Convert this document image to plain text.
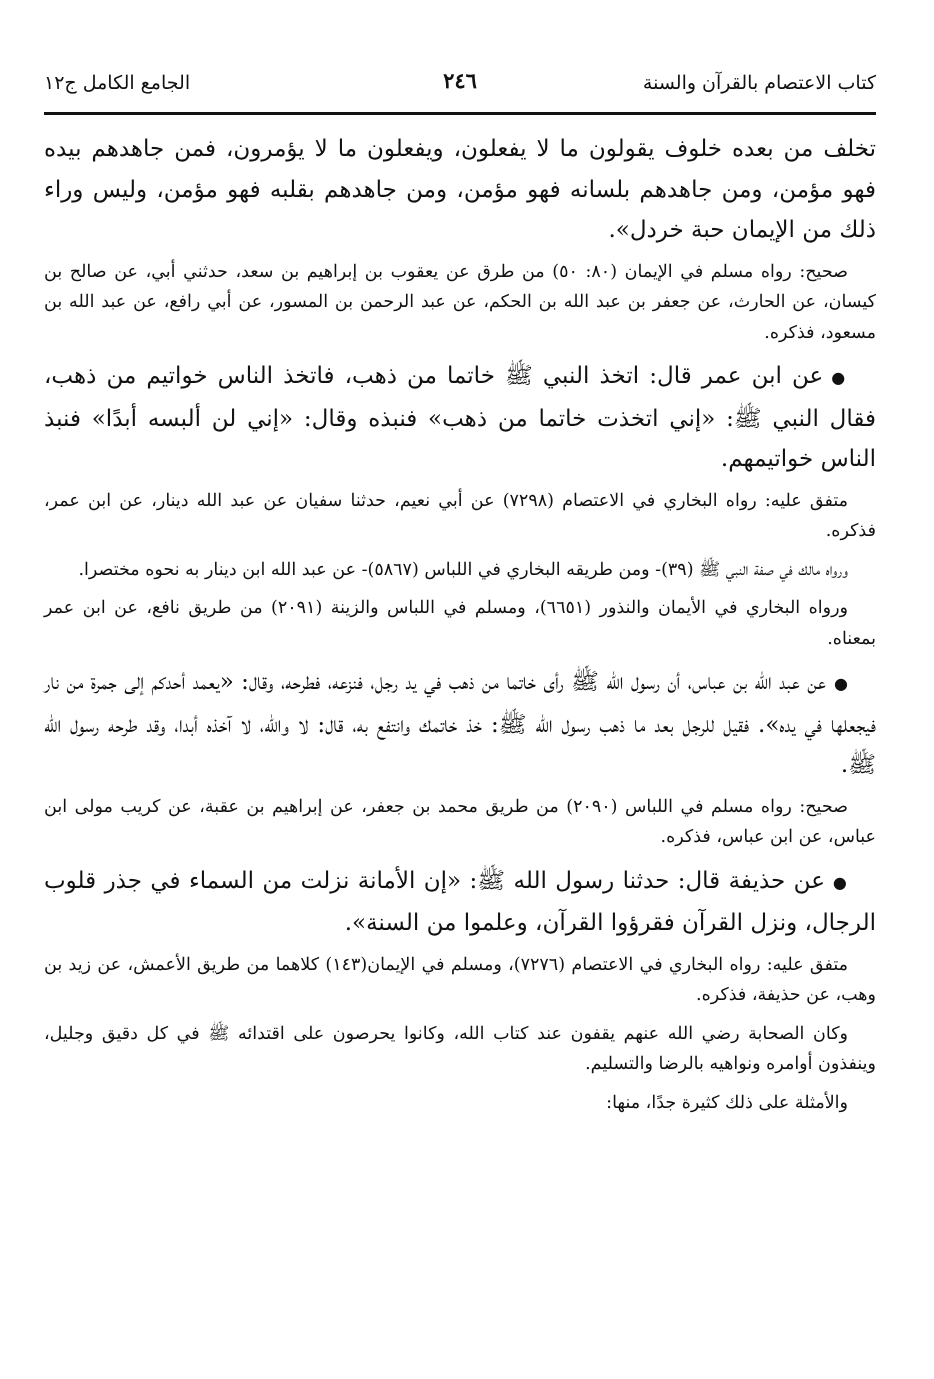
كتاب الاعتصام بالقرآن والسنة
٢٤٦
الجامع الكامل ج١٢

تخلف من بعده خلوف يقولون ما لا يفعلون، ويفعلون ما لا يؤمرون، فمن جاهدهم بيده فهو مؤمن، ومن جاهدهم بلسانه فهو مؤمن، ومن جاهدهم بقلبه فهو مؤمن، وليس وراء ذلك من الإيمان حبة خردل».

صحيح: رواه مسلم في الإيمان (٨٠: ٥٠) من طرق عن يعقوب بن إبراهيم بن سعد، حدثني أبي، عن صالح بن كيسان، عن الحارث، عن جعفر بن عبد الله بن الحكم، عن عبد الرحمن بن المسور، عن أبي رافع، عن عبد الله بن مسعود، فذكره.

●عن ابن عمر قال: اتخذ النبي ﷺ خاتما من ذهب، فاتخذ الناس خواتيم من ذهب، فقال النبي ﷺ: «إني اتخذت خاتما من ذهب» فنبذه وقال: «إني لن ألبسه أبدًا» فنبذ الناس خواتيمهم.

متفق عليه: رواه البخاري في الاعتصام (٧٢٩٨) عن أبي نعيم، حدثنا سفيان عن عبد الله دينار، عن ابن عمر، فذكره.

ورواه مالك في صفة النبي ﷺ (٣٩)- ومن طريقه البخاري في اللباس (٥٨٦٧)- عن عبد الله ابن دينار به نحوه مختصرا.

ورواه البخاري في الأيمان والنذور (٦٦٥١)، ومسلم في اللباس والزينة (٢٠٩١) من طريق نافع، عن ابن عمر بمعناه.

●عن عبد الله بن عباس، أن رسول الله ﷺ رأى خاتما من ذهب في يد رجل، فنزعه، فطرحه، وقال: «يعمد أحدكم إلى جمرة من نار فيجعلها في يده». فقيل للرجل بعد ما ذهب رسول الله ﷺ: خذ خاتمك وانتفع به، قال: لا والله، لا آخذه أبدا، وقد طرحه رسول الله ﷺ.

صحيح: رواه مسلم في اللباس (٢٠٩٠) من طريق محمد بن جعفر، عن إبراهيم بن عقبة، عن كريب مولى ابن عباس، عن ابن عباس، فذكره.

●عن حذيفة قال: حدثنا رسول الله ﷺ: «إن الأمانة نزلت من السماء في جذر قلوب الرجال، ونزل القرآن فقرؤوا القرآن، وعلموا من السنة».

متفق عليه: رواه البخاري في الاعتصام (٧٢٧٦)، ومسلم في الإيمان(١٤٣) كلاهما من طريق الأعمش، عن زيد بن وهب، عن حذيفة، فذكره.

وكان الصحابة رضي الله عنهم يقفون عند كتاب الله، وكانوا يحرصون على اقتدائه ﷺ في كل دقيق وجليل، وينفذون أوامره ونواهيه بالرضا والتسليم.

والأمثلة على ذلك كثيرة جدًا، منها:
